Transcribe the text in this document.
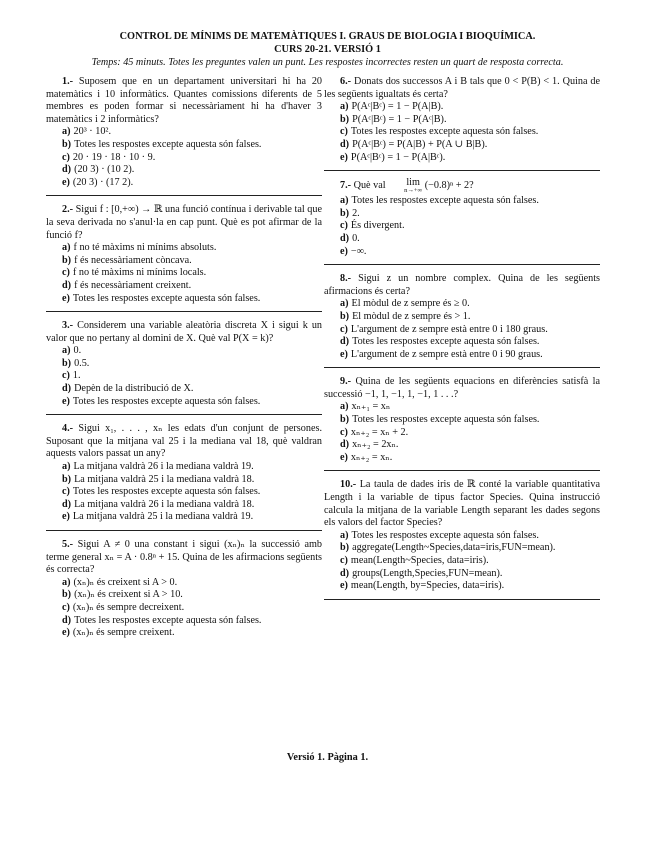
CONTROL DE MÍNIMS DE MATEMÀTIQUES I. GRAUS DE BIOLOGIA I BIOQUÍMICA.
CURS 20-21. VERSIÓ 1
Temps: 45 minuts. Totes les preguntes valen un punt. Les respostes incorrectes resten un quart de resposta correcta.
1.- Suposem que en un departament universitari hi ha 20 matemàtics i 10 informàtics. Quantes comissions diferents de 5 membres es poden formar si necessàriament hi ha d'haver 3 matemàtics i 2 informàtics?
a) 20³ · 10².
b) Totes les respostes excepte aquesta són falses.
c) 20 · 19 · 18 · 10 · 9.
d) (20 3) · (10 2).
e) (20 3) · (17 2).
2.- Sigui f : [0,+∞) → ℝ una funció contínua i derivable tal que la seva derivada no s'anul·la en cap punt. Què es pot afirmar de la funció f?
a) f no té màxims ni mínims absoluts.
b) f és necessàriament còncava.
c) f no té màxims ni mínims locals.
d) f és necessàriament creixent.
e) Totes les respostes excepte aquesta són falses.
3.- Considerem una variable aleatòria discreta X i sigui k un valor que no pertany al domini de X. Què val P(X = k)?
a) 0.
b) 0.5.
c) 1.
d) Depèn de la distribució de X.
e) Totes les respostes excepte aquesta són falses.
4.- Sigui x₁, . . . , xₙ les edats d'un conjunt de persones. Suposant que la mitjana val 25 i la mediana val 18, què valdran aquests valors passat un any?
a) La mitjana valdrà 26 i la mediana valdrà 19.
b) La mitjana valdrà 25 i la mediana valdrà 18.
c) Totes les respostes excepte aquesta són falses.
d) La mitjana valdrà 26 i la mediana valdrà 18.
e) La mitjana valdrà 25 i la mediana valdrà 19.
5.- Sigui A ≠ 0 una constant i sigui (xₙ)ₙ la successió amb terme general xₙ = A · 0.8ⁿ + 15. Quina de les afirmacions següents és correcta?
a) (xₙ)ₙ és creixent si A > 0.
b) (xₙ)ₙ és creixent si A > 10.
c) (xₙ)ₙ és sempre decreixent.
d) Totes les respostes excepte aquesta són falses.
e) (xₙ)ₙ és sempre creixent.
6.- Donats dos successos A i B tals que 0 < P(B) < 1. Quina de les següents igualtats és certa?
a) P(Aᶜ|Bᶜ) = 1 − P(A|B).
b) P(Aᶜ|Bᶜ) = 1 − P(Aᶜ|B).
c) Totes les respostes excepte aquesta són falses.
d) P(Aᶜ|Bᶜ) = P(A|B) + P(A ∪ B|B).
e) P(Aᶜ|Bᶜ) = 1 − P(A|Bᶜ).
7.- Què val lim
n→+∞ (−0.8)ⁿ + 2?
a) Totes les respostes excepte aquesta són falses.
b) 2.
c) És divergent.
d) 0.
e) −∞.
8.- Sigui z un nombre complex. Quina de les següents afirmacions és certa?
a) El mòdul de z sempre és ≥ 0.
b) El mòdul de z sempre és > 1.
c) L'argument de z sempre està entre 0 i 180 graus.
d) Totes les respostes excepte aquesta són falses.
e) L'argument de z sempre està entre 0 i 90 graus.
9.- Quina de les següents equacions en diferències satisfà la successió −1, 1, −1, 1, −1, 1 . . .?
a) xₙ₊₁ = xₙ
b) Totes les respostes excepte aquesta són falses.
c) xₙ₊₂ = xₙ + 2.
d) xₙ₊₂ = 2xₙ.
e) xₙ₊₂ = xₙ.
10.- La taula de dades iris de ℝ conté la variable quantitativa Length i la variable de tipus factor Species. Quina instrucció calcula la mitjana de la variable Length separant les dades segons els valors del factor Species?
a) Totes les respostes excepte aquesta són falses.
b) aggregate(Length~Species,data=iris,FUN=mean).
c) mean(Length~Species, data=iris).
d) groups(Length,Species,FUN=mean).
e) mean(Length, by=Species, data=iris).
Versió 1. Pàgina 1.
